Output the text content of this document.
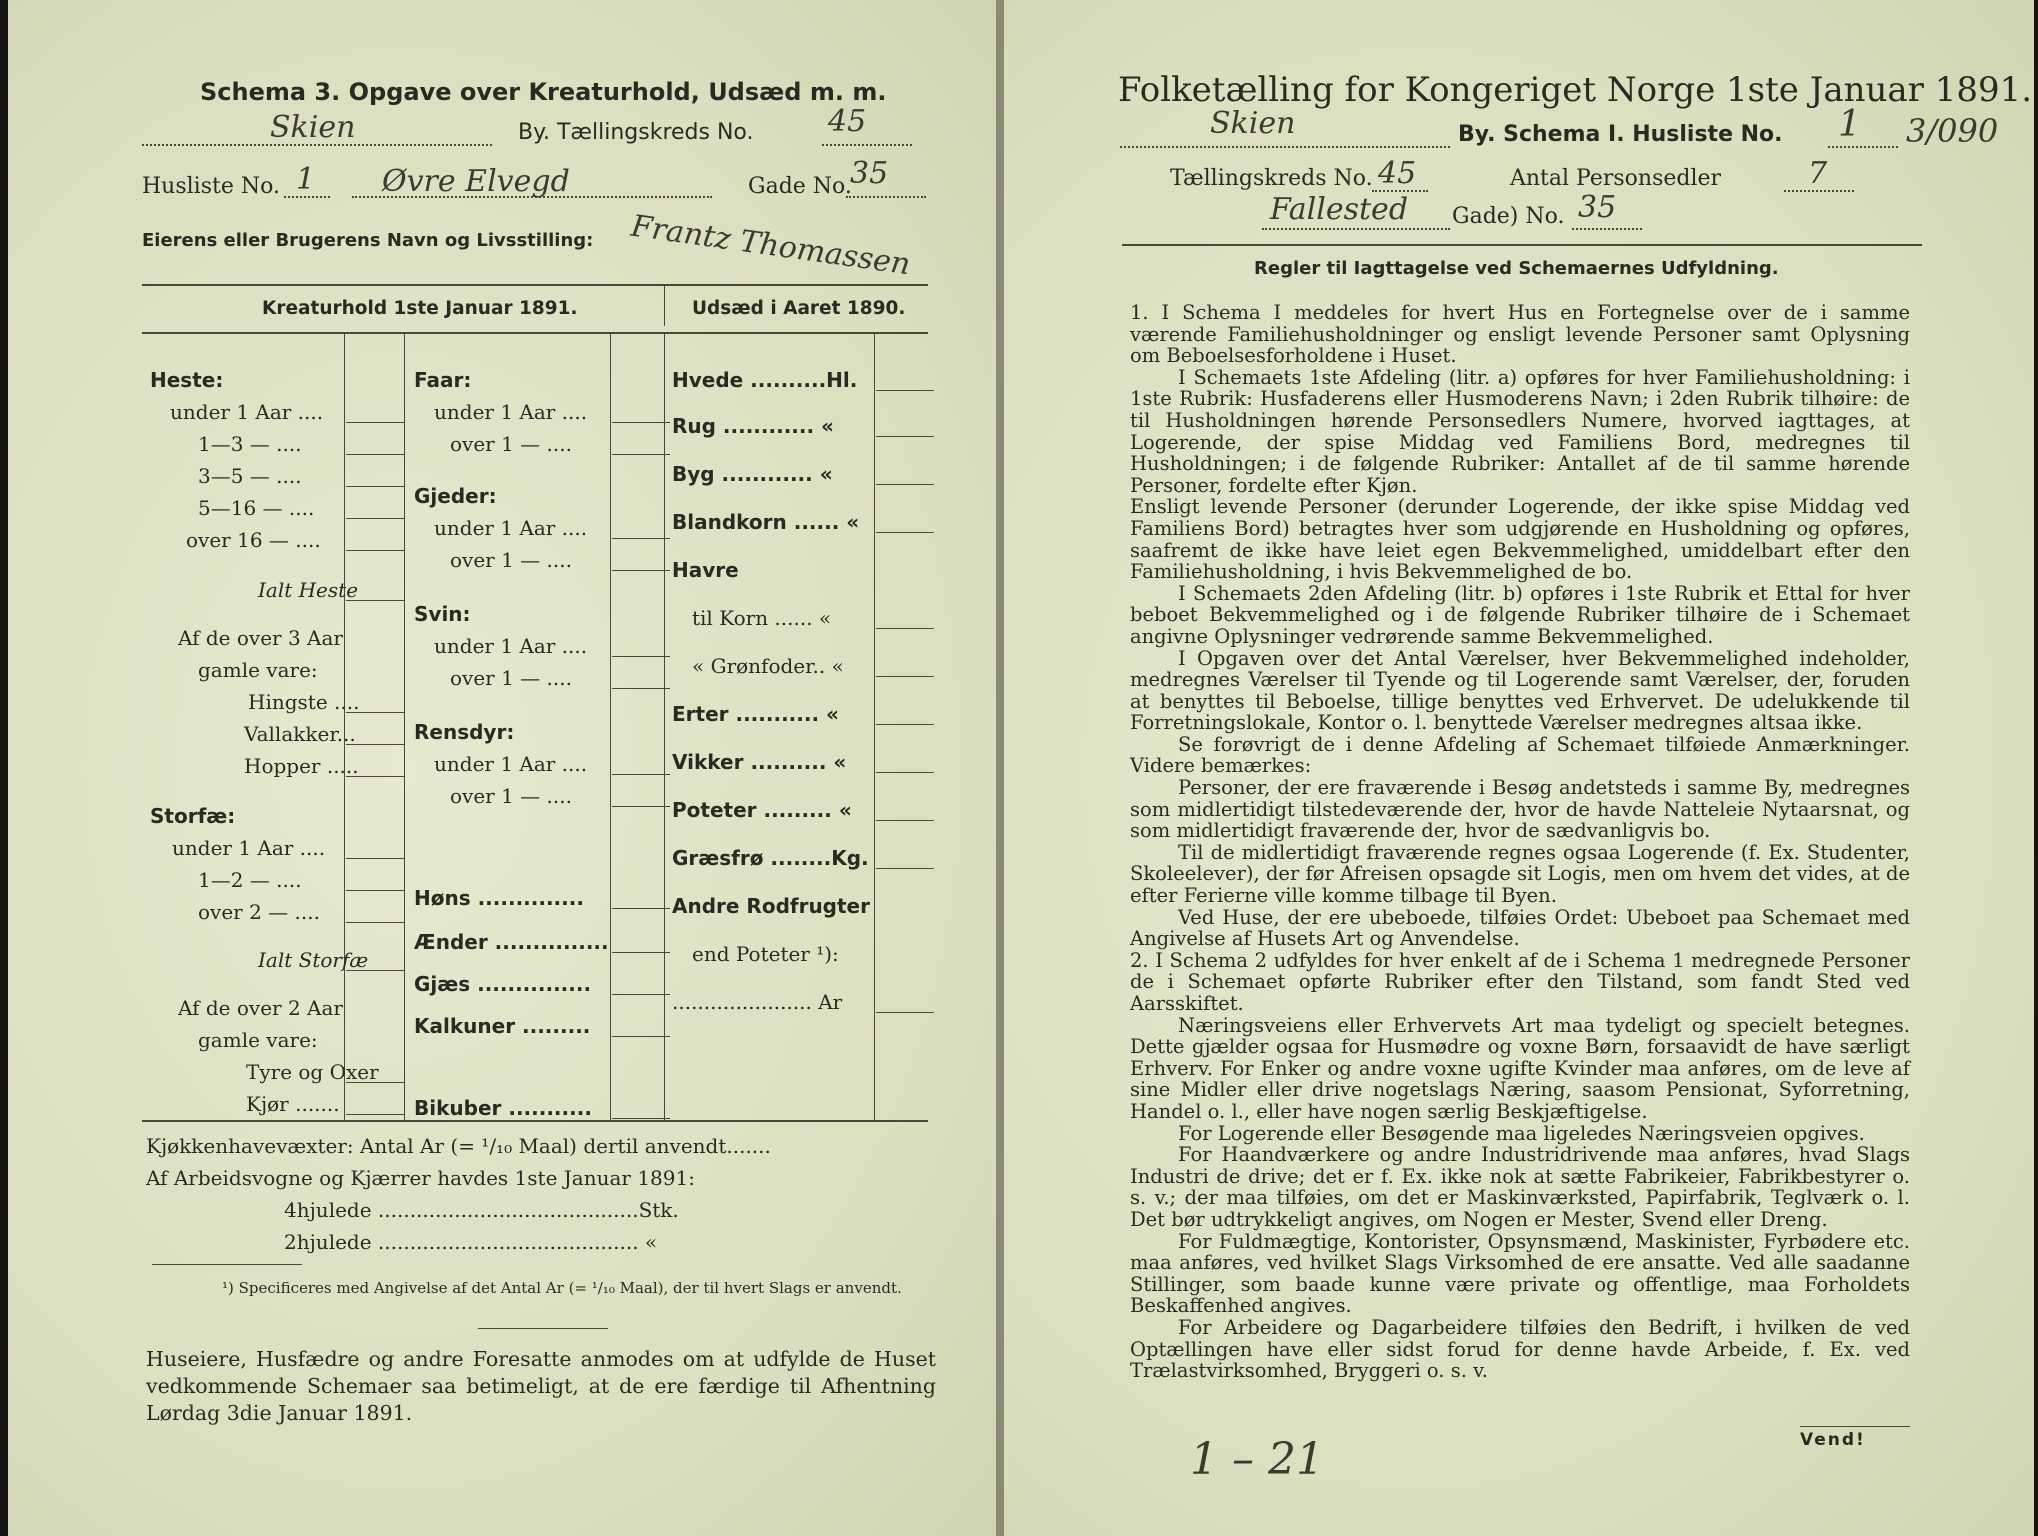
Schema 3. Opgave over Kreaturhold, Udsæd m. m.
Skien	By. Tællingskreds No. 45
Husliste No. 1 Øvre Elvegd	Gade No.
35
Eierens eller Brugerens Navn og Livsstilling: Frantz Thomassen
Kreaturhold 1ste Januar 1891.	Udsæd i Aaret 1890.
Heste:
under 1 Aar ....
1—3 — ....
3—5 — ....
5—16 — ....
over 16 — ....
Ialt Heste
Af de over 3 Aar
gamle vare:
Hingste ....
Vallakker...
Hopper .....
Storfæ:
under 1 Aar ....
1—2 — ....
over 2 — ....
Ialt Storfæ
Af de over 2 Aar
gamle vare:
Tyre og Oxer
Kjør .......
Faar:
under 1 Aar ....
over 1 — ....
Gjeder:
under 1 Aar ....
over 1 — ....
Svin:
under 1 Aar ....
over 1 — ....
Rensdyr:
under 1 Aar ....
over 1 — ....
Høns ..............
Ænder ...............
Gjæs ...............
Kalkuner .........
Bikuber ...........
Hvede ..........Hl.
Rug ............ «
Byg ............ «
Blandkorn ...... «
Havre
til Korn ...... «
« Grønfoder.. «
Erter ........... «
Vikker .......... «
Poteter ......... «
Græsfrø ........Kg.
Andre Rodfrugter
end Poteter ¹):
...................... Ar
Kjøkkenhavevæxter: Antal Ar (= ¹/₁₀ Maal) dertil anvendt.......
Af Arbeidsvogne og Kjærrer havdes 1ste Januar 1891:
4hjulede .........................................Stk.
2hjulede ......................................... «
¹) Specificeres med Angivelse af det Antal Ar (= ¹/₁₀ Maal), der til hvert Slags er anvendt.
Huseiere, Husfædre og andre Foresatte anmodes om at udfylde de Huset vedkommende Schemaer saa betimeligt, at de ere færdige til Afhentning Lørdag 3die Januar 1891.
Folketælling for Kongeriget Norge 1ste Januar 1891.
Skien	By. Schema I. Husliste No. 1 3/090
Tællingskreds No. 45	Antal Personsedler	7
Fallested Gade) No. 35
Regler til Iagttagelse ved Schemaernes Udfyldning.

1. I Schema I meddeles for hvert Hus en Fortegnelse over de i samme værende Familiehusholdninger og ensligt levende Personer samt Oplysning om Beboelsesforholdene i Huset.

I Schemaets 1ste Afdeling (litr. a) opføres for hver Familiehusholdning: i 1ste Rubrik: Husfaderens eller Husmoderens Navn; i 2den Rubrik tilhøire: de til Husholdningen hørende Personsedlers Numere, hvorved iagttages, at Logerende, der spise Middag ved Familiens Bord, medregnes til Husholdningen; i de følgende Rubriker: Antallet af de til samme hørende Personer, fordelte efter Kjøn.

Ensligt levende Personer (derunder Logerende, der ikke spise Middag ved Familiens Bord) betragtes hver som udgjørende en Husholdning og opføres, saafremt de ikke have leiet egen Bekvemmelighed, umiddelbart efter den Familiehusholdning, i hvis Bekvemmelighed de bo.

I Schemaets 2den Afdeling (litr. b) opføres i 1ste Rubrik et Ettal for hver beboet Bekvemmelighed og i de følgende Rubriker tilhøire de i Schemaet angivne Oplysninger vedrørende samme Bekvemmelighed.

I Opgaven over det Antal Værelser, hver Bekvemmelighed indeholder, medregnes Værelser til Tyende og til Logerende samt Værelser, der, foruden at benyttes til Beboelse, tillige benyttes ved Erhvervet. De udelukkende til Forretningslokale, Kontor o. l. benyttede Værelser medregnes altsaa ikke.

Se forøvrigt de i denne Afdeling af Schemaet tilføiede Anmærkninger. Videre bemærkes:

Personer, der ere fraværende i Besøg andetsteds i samme By, medregnes som midlertidigt tilstedeværende der, hvor de havde Natteleie Nytaarsnat, og som midlertidigt fraværende der, hvor de sædvanligvis bo.

Til de midlertidigt fraværende regnes ogsaa Logerende (f. Ex. Studenter, Skoleelever), der før Afreisen opsagde sit Logis, men om hvem det vides, at de efter Ferierne ville komme tilbage til Byen.

Ved Huse, der ere ubeboede, tilføies Ordet: Ubeboet paa Schemaet med Angivelse af Husets Art og Anvendelse.

2. I Schema 2 udfyldes for hver enkelt af de i Schema 1 medregnede Personer de i Schemaet opførte Rubriker efter den Tilstand, som fandt Sted ved Aarsskiftet.

Næringsveiens eller Erhvervets Art maa tydeligt og specielt betegnes. Dette gjælder ogsaa for Husmødre og voxne Børn, forsaavidt de have særligt Erhverv. For Enker og andre voxne ugifte Kvinder maa anføres, om de leve af sine Midler eller drive nogetslags Næring, saasom Pensionat, Syforretning, Handel o. l., eller have nogen særlig Beskjæftigelse.

For Logerende eller Besøgende maa ligeledes Næringsveien opgives.

For Haandværkere og andre Industridrivende maa anføres, hvad Slags Industri de drive; det er f. Ex. ikke nok at sætte Fabrikeier, Fabrikbestyrer o. s. v.; der maa tilføies, om det er Maskinværksted, Papirfabrik, Teglværk o. l. Det bør udtrykkeligt angives, om Nogen er Mester, Svend eller Dreng.

For Fuldmægtige, Kontorister, Opsynsmænd, Maskinister, Fyrbødere etc. maa anføres, ved hvilket Slags Virksomhed de ere ansatte. Ved alle saadanne Stillinger, som baade kunne være private og offentlige, maa Forholdets Beskaffenhed angives.

For Arbeidere og Dagarbeidere tilføies den Bedrift, i hvilken de ved Optællingen have eller sidst forud for denne havde Arbeide, f. Ex. ved Trælastvirksomhed, Bryggeri o. s. v.

Vend!
1 – 21
